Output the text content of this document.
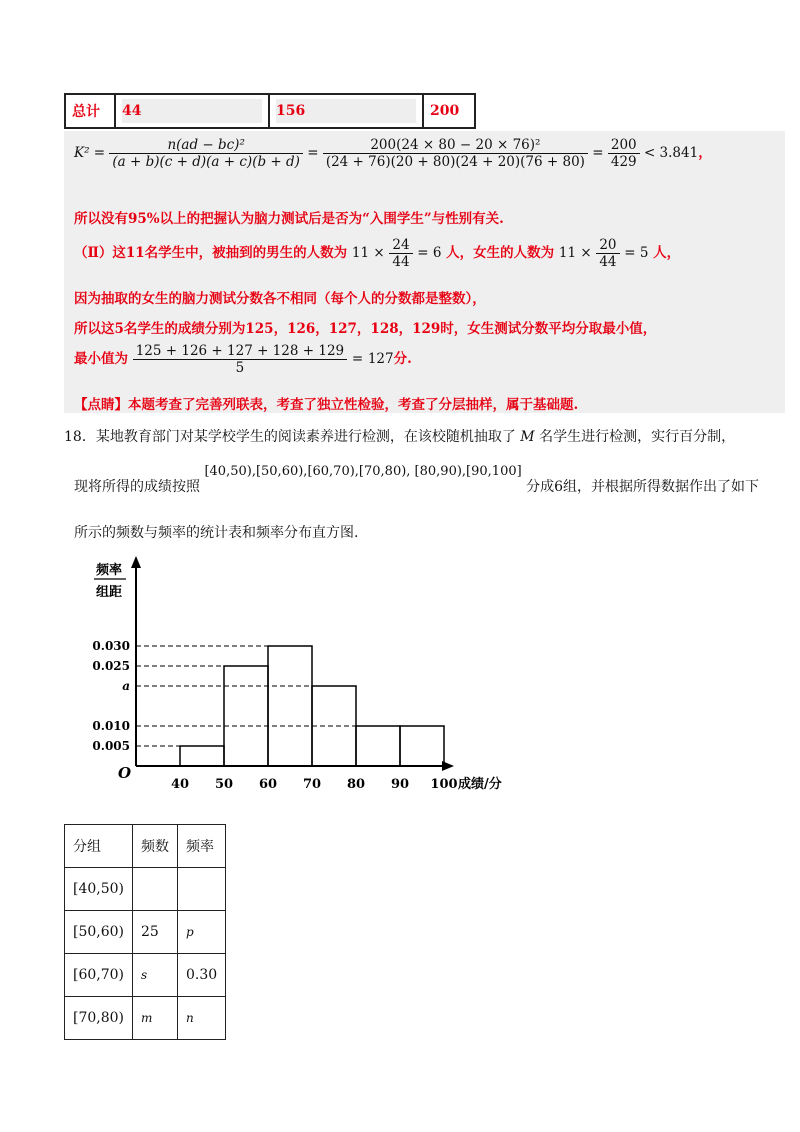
总计	44	156	200
$K^2 = \frac{\text{n(ad − bc)²}}{(a + b)(c + d)(a + c)(b + d)} = \frac{\text{200(24 × 80 − 20 × 76)²}}{(24 + 76)(20 + 80)(24 + 20)(76 + 80)} = \frac{200}{429} < 3.841$，
所以没有95%以上的把握认为脑力测试后是否为“入围学生”与性别有关.
（Ⅱ）这11名学生中，被抽到的男生的人数为 $11 \times \frac{24}{44} = 6$ 人，女生的人数为 $11 \times \frac{20}{44} = 5$ 人，
因为抽取的女生的脑力测试分数各不相同（每个人的分数都是整数），
所以这5名学生的成绩分别为125，126，127，128，129时，女生测试分数平均分取最小值，
最小值为 $\frac{125 + 126 + 127 + 128 + 129}{5} = 127$分.
【点睛】本题考查了完善列联表，考查了独立性检验，考查了分层抽样，属于基础题.
18．某地教育部门对某学校学生的阅读素养进行检测，在该校随机抽取了 M 名学生进行检测，实行百分制，
现将所得的成绩按照 [40,50),[50,60),[60,70),[70,80), [80,90),[90,100] 分成6组，并根据所得数据作出了如下
所示的频数与频率的统计表和频率分布直方图.
40 50 60 70 80 90 100
0.005
0.010
a
0.025
0.030
O
频率
组距
成绩/分
分组	频数	频率
[40,50)		
[50,60)	25	p
[60,70)	s	0.30
[70,80)	m	n
